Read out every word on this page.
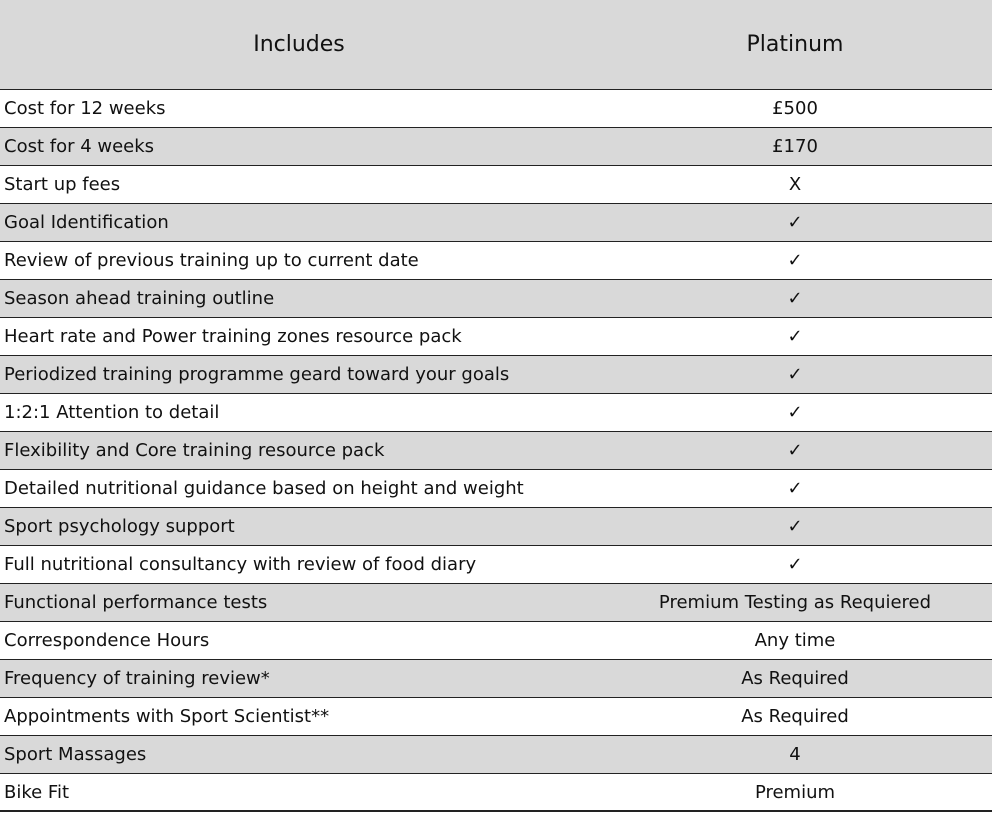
Includes	Platinum
Cost for 12 weeks	£500
Cost for 4 weeks	£170
Start up fees	X
Goal Identification	✓
Review of previous training up to current date	✓
Season ahead training outline	✓
Heart rate and Power training zones resource pack	✓
Periodized training programme geard toward your goals	✓
1:2:1 Attention to detail	✓
Flexibility and Core training resource pack	✓
Detailed nutritional guidance based on height and weight	✓
Sport psychology support	✓
Full nutritional consultancy with review of food diary	✓
Functional performance tests	Premium Testing as Requiered
Correspondence Hours	Any time
Frequency of training review*	As Required
Appointments with Sport Scientist**	As Required
Sport Massages	4
Bike Fit	Premium
